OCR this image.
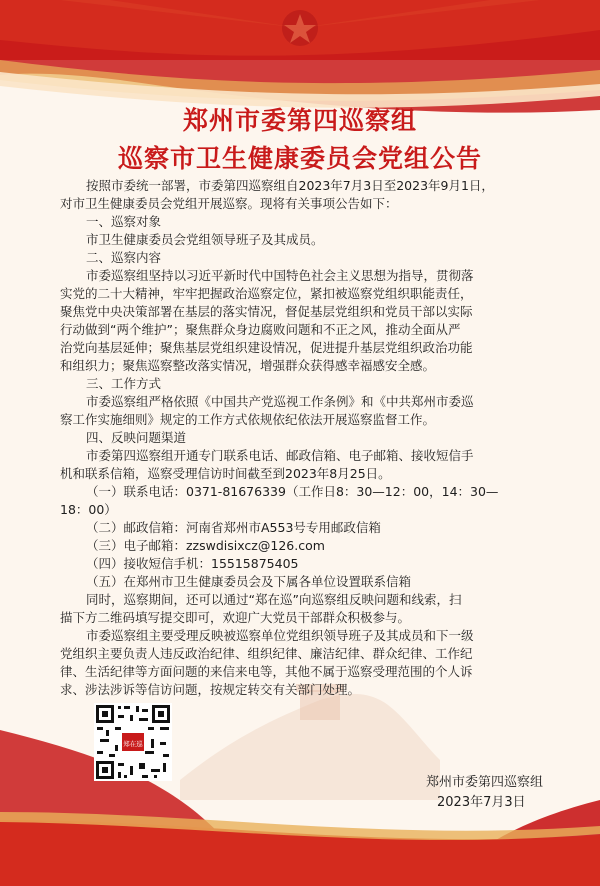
郑州市委第四巡察组
巡察市卫生健康委员会党组公告
按照市委统一部署，市委第四巡察组自2023年7月3日至2023年9月1日，
对市卫生健康委员会党组开展巡察。现将有关事项公告如下：
一、巡察对象
市卫生健康委员会党组领导班子及其成员。
二、巡察内容
市委巡察组坚持以习近平新时代中国特色社会主义思想为指导，贯彻落
实党的二十大精神，牢牢把握政治巡察定位，紧扣被巡察党组织职能责任，
聚焦党中央决策部署在基层的落实情况，督促基层党组织和党员干部以实际
行动做到“两个维护”；聚焦群众身边腐败问题和不正之风，推动全面从严
治党向基层延伸；聚焦基层党组织建设情况，促进提升基层党组织政治功能
和组织力；聚焦巡察整改落实情况，增强群众获得感幸福感安全感。
三、工作方式
市委巡察组严格依照《中国共产党巡视工作条例》和《中共郑州市委巡
察工作实施细则》规定的工作方式依规依纪依法开展巡察监督工作。
四、反映问题渠道
市委第四巡察组开通专门联系电话、邮政信箱、电子邮箱、接收短信手
机和联系信箱，巡察受理信访时间截至到2023年8月25日。
（一）联系电话：0371-81676339（工作日8：30—12：00，14：30—
18：00）
（二）邮政信箱：河南省郑州市A553号专用邮政信箱
（三）电子邮箱：zzswdisixcz@126.com
（四）接收短信手机：15515875405
（五）在郑州市卫生健康委员会及下属各单位设置联系信箱
同时，巡察期间，还可以通过“郑在巡”向巡察组反映问题和线索，扫
描下方二维码填写提交即可，欢迎广大党员干部群众积极参与。
市委巡察组主要受理反映被巡察单位党组织领导班子及其成员和下一级
党组织主要负责人违反政治纪律、组织纪律、廉洁纪律、群众纪律、工作纪
律、生活纪律等方面问题的来信来电等，其他不属于巡察受理范围的个人诉
求、涉法涉诉等信访问题，按规定转交有关部门处理。
郑在巡
郑州市委第四巡察组
2023年7月3日
